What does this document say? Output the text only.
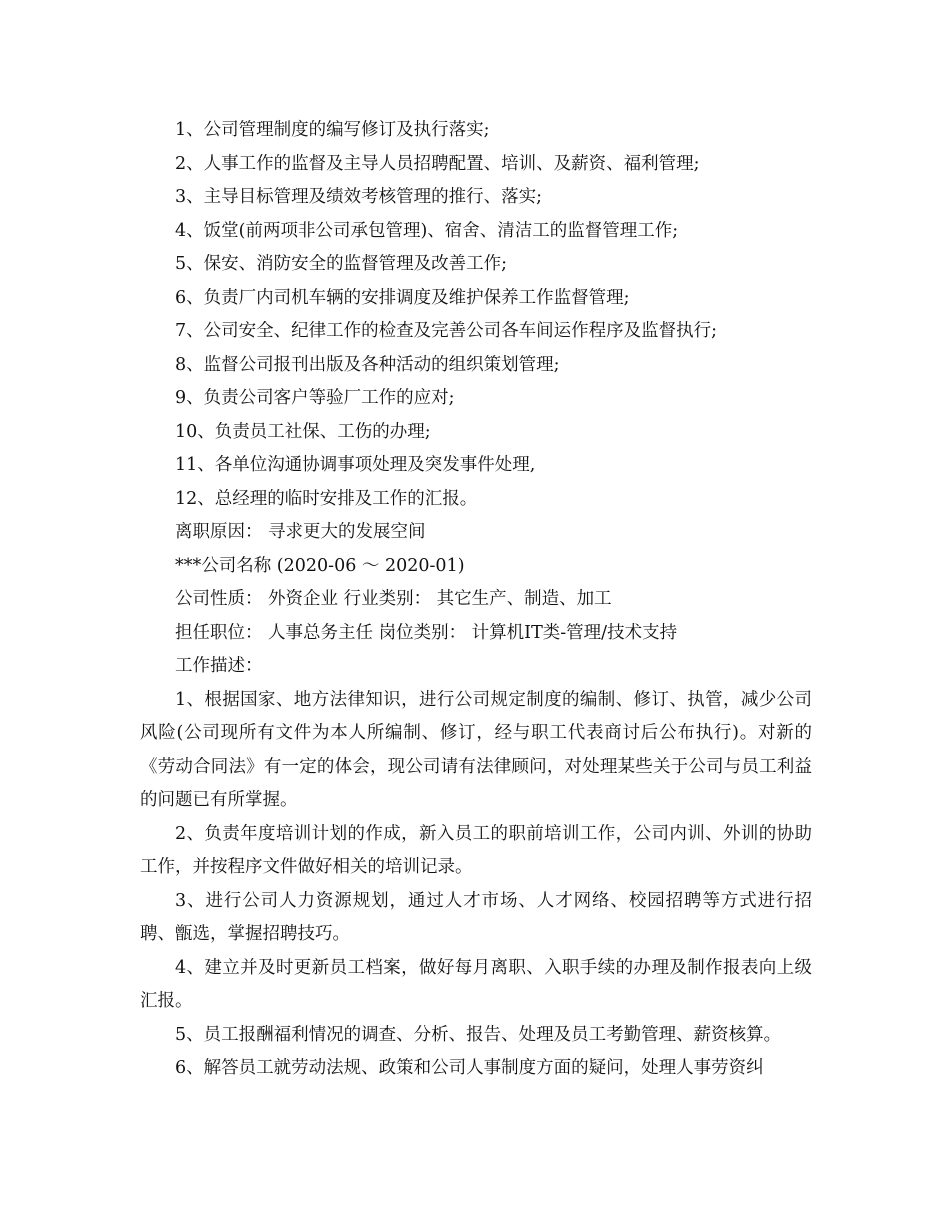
1、公司管理制度的编写修订及执行落实;

2、人事工作的监督及主导人员招聘配置、培训、及薪资、福利管理;

3、主导目标管理及绩效考核管理的推行、落实;

4、饭堂(前两项非公司承包管理)、宿舍、清洁工的监督管理工作;

5、保安、消防安全的监督管理及改善工作;

6、负责厂内司机车辆的安排调度及维护保养工作监督管理;

7、公司安全、纪律工作的检查及完善公司各车间运作程序及监督执行;

8、监督公司报刊出版及各种活动的组织策划管理;

9、负责公司客户等验厂工作的应对;

10、负责员工社保、工伤的办理;

11、各单位沟通协调事项处理及突发事件处理,

12、总经理的临时安排及工作的汇报。

离职原因： 寻求更大的发展空间

***公司名称 (2020-06 ～ 2020-01)

公司性质： 外资企业 行业类别： 其它生产、制造、加工

担任职位： 人事总务主任 岗位类别： 计算机IT类-管理/技术支持

工作描述：

1、根据国家、地方法律知识，进行公司规定制度的编制、修订、执管，减少公司风险(公司现所有文件为本人所编制、修订，经与职工代表商讨后公布执行)。对新的《劳动合同法》有一定的体会，现公司请有法律顾问，对处理某些关于公司与员工利益的问题已有所掌握。

2、负责年度培训计划的作成，新入员工的职前培训工作，公司内训、外训的协助工作，并按程序文件做好相关的培训记录。

3、进行公司人力资源规划，通过人才市场、人才网络、校园招聘等方式进行招聘、甑选，掌握招聘技巧。

4、建立并及时更新员工档案，做好每月离职、入职手续的办理及制作报表向上级汇报。

5、员工报酬福利情况的调查、分析、报告、处理及员工考勤管理、薪资核算。

6、解答员工就劳动法规、政策和公司人事制度方面的疑问，处理人事劳资纠
